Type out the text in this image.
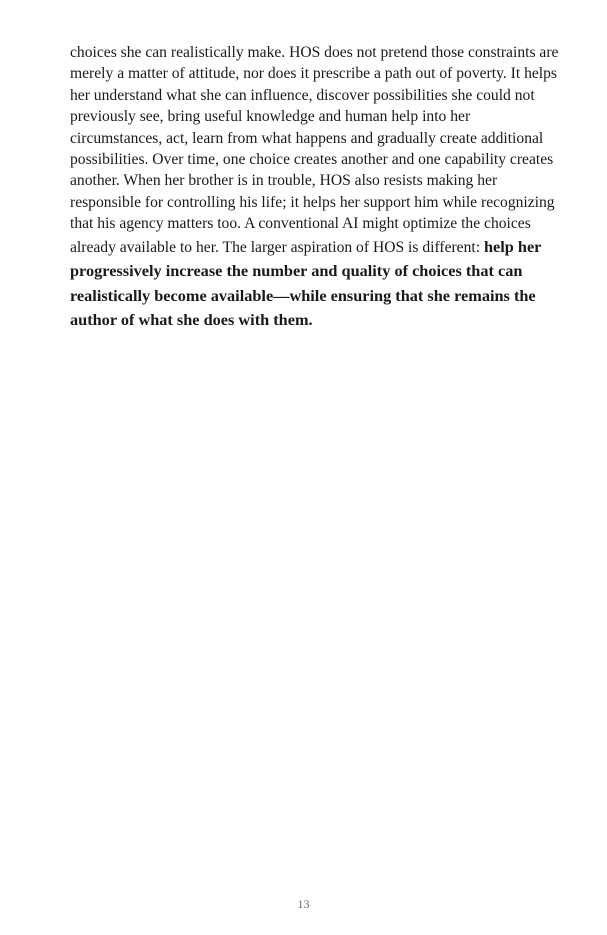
choices she can realistically make. HOS does not pretend those constraints are merely a matter of attitude, nor does it prescribe a path out of poverty. It helps her understand what she can influence, discover possibilities she could not previously see, bring useful knowledge and human help into her circumstances, act, learn from what happens and gradually create additional possibilities. Over time, one choice creates another and one capability creates another. When her brother is in trouble, HOS also resists making her responsible for controlling his life; it helps her support him while recognizing that his agency matters too. A conventional AI might optimize the choices already available to her. The larger aspiration of HOS is different: help her progressively increase the number and quality of choices that can realistically become available—while ensuring that she remains the author of what she does with them.

13
